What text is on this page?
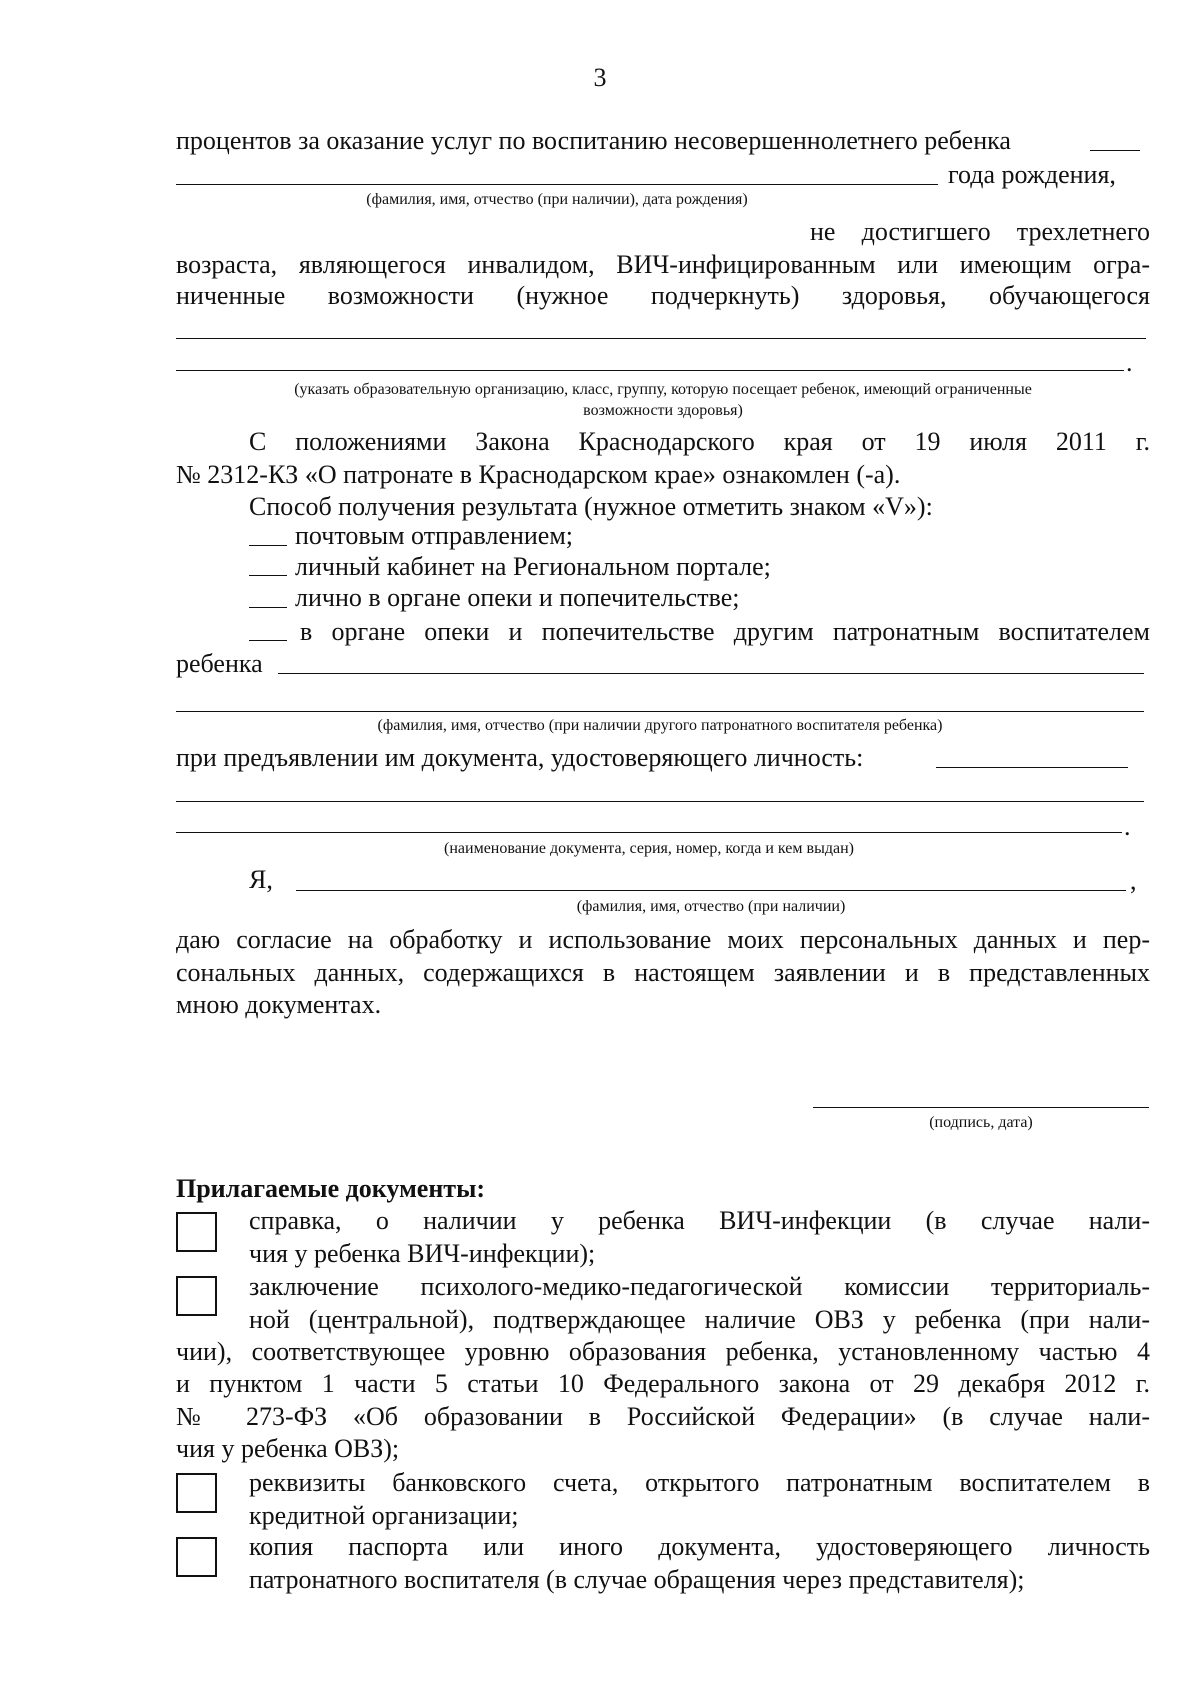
3
процентов за оказание услуг по воспитанию несовершеннолетнего ребенка
года рождения,
(фамилия, имя, отчество (при наличии), дата рождения)
не достигшего трехлетнего
возраста, являющегося инвалидом, ВИЧ-инфицированным или имеющим огра-
ниченные возможности (нужное подчеркнуть) здоровья, обучающегося
.
(указать образовательную организацию, класс, группу, которую посещает ребенок, имеющий ограниченные
возможности здоровья)
С положениями Закона Краснодарского края от 19 июля 2011 г.
№ 2312-КЗ «О патронате в Краснодарском крае» ознакомлен (-а).
Способ получения результата (нужное отметить знаком «V»):
почтовым отправлением;
личный кабинет на Региональном портале;
лично в органе опеки и попечительстве;
в органе опеки и попечительстве другим патронатным воспитателем
ребенка
(фамилия, имя, отчество (при наличии другого патронатного воспитателя ребенка)
при предъявлении им документа, удостоверяющего личность:
.
(наименование документа, серия, номер, когда и кем выдан)
Я,	,
(фамилия, имя, отчество (при наличии)
даю согласие на обработку и использование моих персональных данных и пер-
сональных данных, содержащихся в настоящем заявлении и в представленных
мною документах.
(подпись, дата)
Прилагаемые документы:
справка, о наличии у ребенка ВИЧ-инфекции (в случае нали-
чия у ребенка ВИЧ-инфекции);
заключение психолого-медико-педагогической комиссии территориаль-
ной (центральной), подтверждающее наличие ОВЗ у ребенка (при нали-
чии), соответствующее уровню образования ребенка, установленному частью 4
и пунктом 1 части 5 статьи 10 Федерального закона от 29 декабря 2012 г.
№ 273-ФЗ «Об образовании в Российской Федерации» (в случае нали-
чия у ребенка ОВЗ);
реквизиты банковского счета, открытого патронатным воспитателем в
кредитной организации;
копия паспорта или иного документа, удостоверяющего личность
патронатного воспитателя (в случае обращения через представителя);
